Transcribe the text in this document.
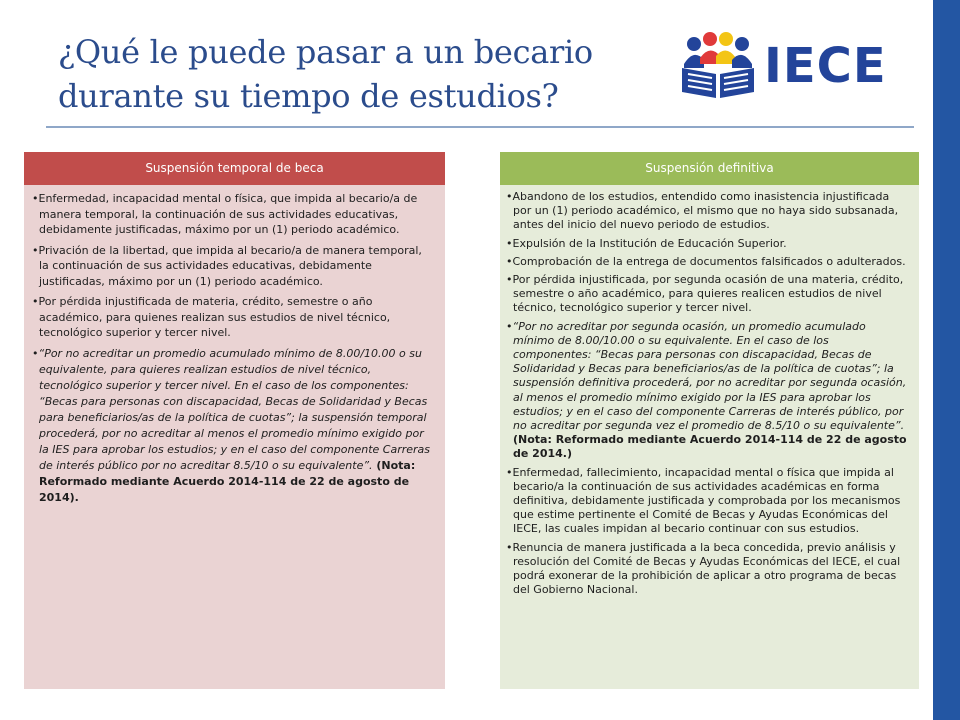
¿Qué le puede pasar a un becario durante su tiempo de estudios?
IECE
Suspensión temporal de beca
•Enfermedad, incapacidad mental o física, que impida al becario/a de manera temporal, la continuación de sus actividades educativas, debidamente justificadas, máximo por un (1) periodo académico.
•Privación de la libertad, que impida al becario/a de manera temporal, la continuación de sus actividades educativas, debidamente justificadas, máximo por un (1) periodo académico.
•Por pérdida injustificada de materia, crédito, semestre o año académico, para quienes realizan sus estudios de nivel técnico, tecnológico superior y tercer nivel.
•“Por no acreditar un promedio acumulado mínimo de 8.00/10.00 o su equivalente, para quieres realizan estudios de nivel técnico, tecnológico superior y tercer nivel. En el caso de los componentes: “Becas para personas con discapacidad, Becas de Solidaridad y Becas para beneficiarios/as de la política de cuotas”; la suspensión temporal procederá, por no acreditar al menos el promedio mínimo exigido por la IES para aprobar los estudios; y en el caso del componente Carreras de interés público por no acreditar 8.5/10 o su equivalente”. (Nota: Reformado mediante Acuerdo 2014-114 de 22 de agosto de 2014).
Suspensión definitiva
•Abandono de los estudios, entendido como inasistencia injustificada por un (1) periodo académico, el mismo que no haya sido subsanada, antes del inicio del nuevo periodo de estudios.
•Expulsión de la Institución de Educación Superior.
•Comprobación de la entrega de documentos falsificados o adulterados.
•Por pérdida injustificada, por segunda ocasión de una materia, crédito, semestre o año académico, para quieres realicen estudios de nivel técnico, tecnológico superior y tercer nivel.
•“Por no acreditar por segunda ocasión, un promedio acumulado mínimo de 8.00/10.00 o su equivalente. En el caso de los componentes: “Becas para personas con discapacidad, Becas de Solidaridad y Becas para beneficiarios/as de la política de cuotas”; la suspensión definitiva procederá, por no acreditar por segunda ocasión, al menos el promedio mínimo exigido por la IES para aprobar los estudios; y en el caso del componente Carreras de interés público, por no acreditar por segunda vez el promedio de 8.5/10 o su equivalente”. (Nota: Reformado mediante Acuerdo 2014-114 de 22 de agosto de 2014.)
•Enfermedad, fallecimiento, incapacidad mental o física que impida al becario/a la continuación de sus actividades académicas en forma definitiva, debidamente justificada y comprobada por los mecanismos que estime pertinente el Comité de Becas y Ayudas Económicas del IECE, las cuales impidan al becario continuar con sus estudios.
•Renuncia de manera justificada a la beca concedida, previo análisis y resolución del Comité de Becas y Ayudas Económicas del IECE, el cual podrá exonerar de la prohibición de aplicar a otro programa de becas del Gobierno Nacional.
